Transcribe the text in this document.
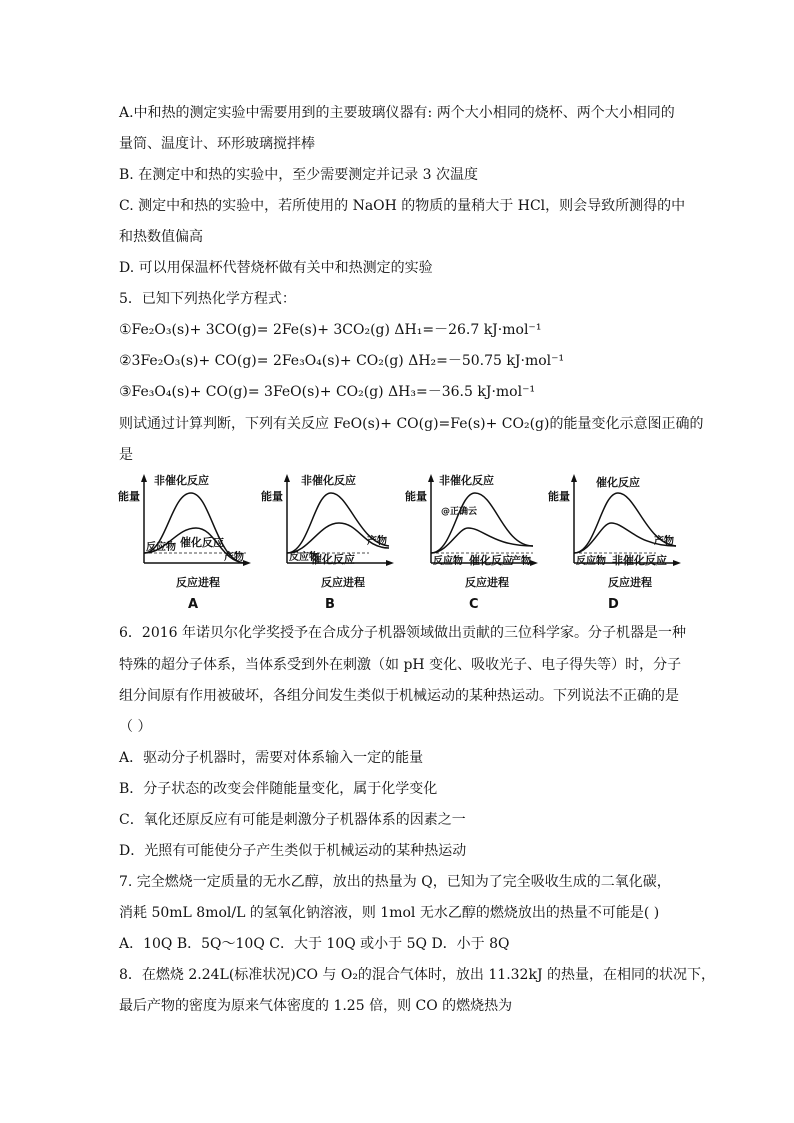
A.中和热的测定实验中需要用到的主要玻璃仪器有: 两个大小相同的烧杯、两个大小相同的
量筒、温度计、环形玻璃搅拌棒
B. 在测定中和热的实验中，至少需要测定并记录 3 次温度
C. 测定中和热的实验中，若所使用的 NaOH 的物质的量稍大于 HCl，则会导致所测得的中
和热数值偏高
D. 可以用保温杯代替烧杯做有关中和热测定的实验
5．已知下列热化学方程式：
①Fe₂O₃(s)+ 3CO(g)= 2Fe(s)+ 3CO₂(g) ΔH₁=－26.7 kJ·mol⁻¹
②3Fe₂O₃(s)+ CO(g)= 2Fe₃O₄(s)+ CO₂(g) ΔH₂=－50.75 kJ·mol⁻¹
③Fe₃O₄(s)+ CO(g)= 3FeO(s)+ CO₂(g) ΔH₃=－36.5 kJ·mol⁻¹
则试通过计算判断，下列有关反应 FeO(s)+ CO(g)=Fe(s)+ CO₂(g)的能量变化示意图正确的
是
能量
非催化反应
催化反应
反应物
产物
反应进程
A
能量
非催化反应
催化反应
反应物
产物
反应进程
B
能量
非催化反应
@正确云
催化反应
反应物	产物
反应进程
C
能量
催化反应
非催化反应
反应物
产物
反应进程
D
6．2016 年诺贝尔化学奖授予在合成分子机器领域做出贡献的三位科学家。分子机器是一种
特殊的超分子体系，当体系受到外在刺激（如 pH 变化、吸收光子、电子得失等）时，分子
组分间原有作用被破坏，各组分间发生类似于机械运动的某种热运动。下列说法不正确的是
（ ）
A．驱动分子机器时，需要对体系输入一定的能量
B．分子状态的改变会伴随能量变化，属于化学变化
C．氧化还原反应有可能是刺激分子机器体系的因素之一
D．光照有可能使分子产生类似于机械运动的某种热运动
7. 完全燃烧一定质量的无水乙醇，放出的热量为 Q，已知为了完全吸收生成的二氧化碳，
消耗 50mL 8mol/L 的氢氧化钠溶液，则 1mol 无水乙醇的燃烧放出的热量不可能是( )
A．10Q B．5Q～10Q C．大于 10Q 或小于 5Q D．小于 8Q
8．在燃烧 2.24L(标准状况)CO 与 O₂的混合气体时，放出 11.32kJ 的热量，在相同的状况下，
最后产物的密度为原来气体密度的 1.25 倍，则 CO 的燃烧热为
